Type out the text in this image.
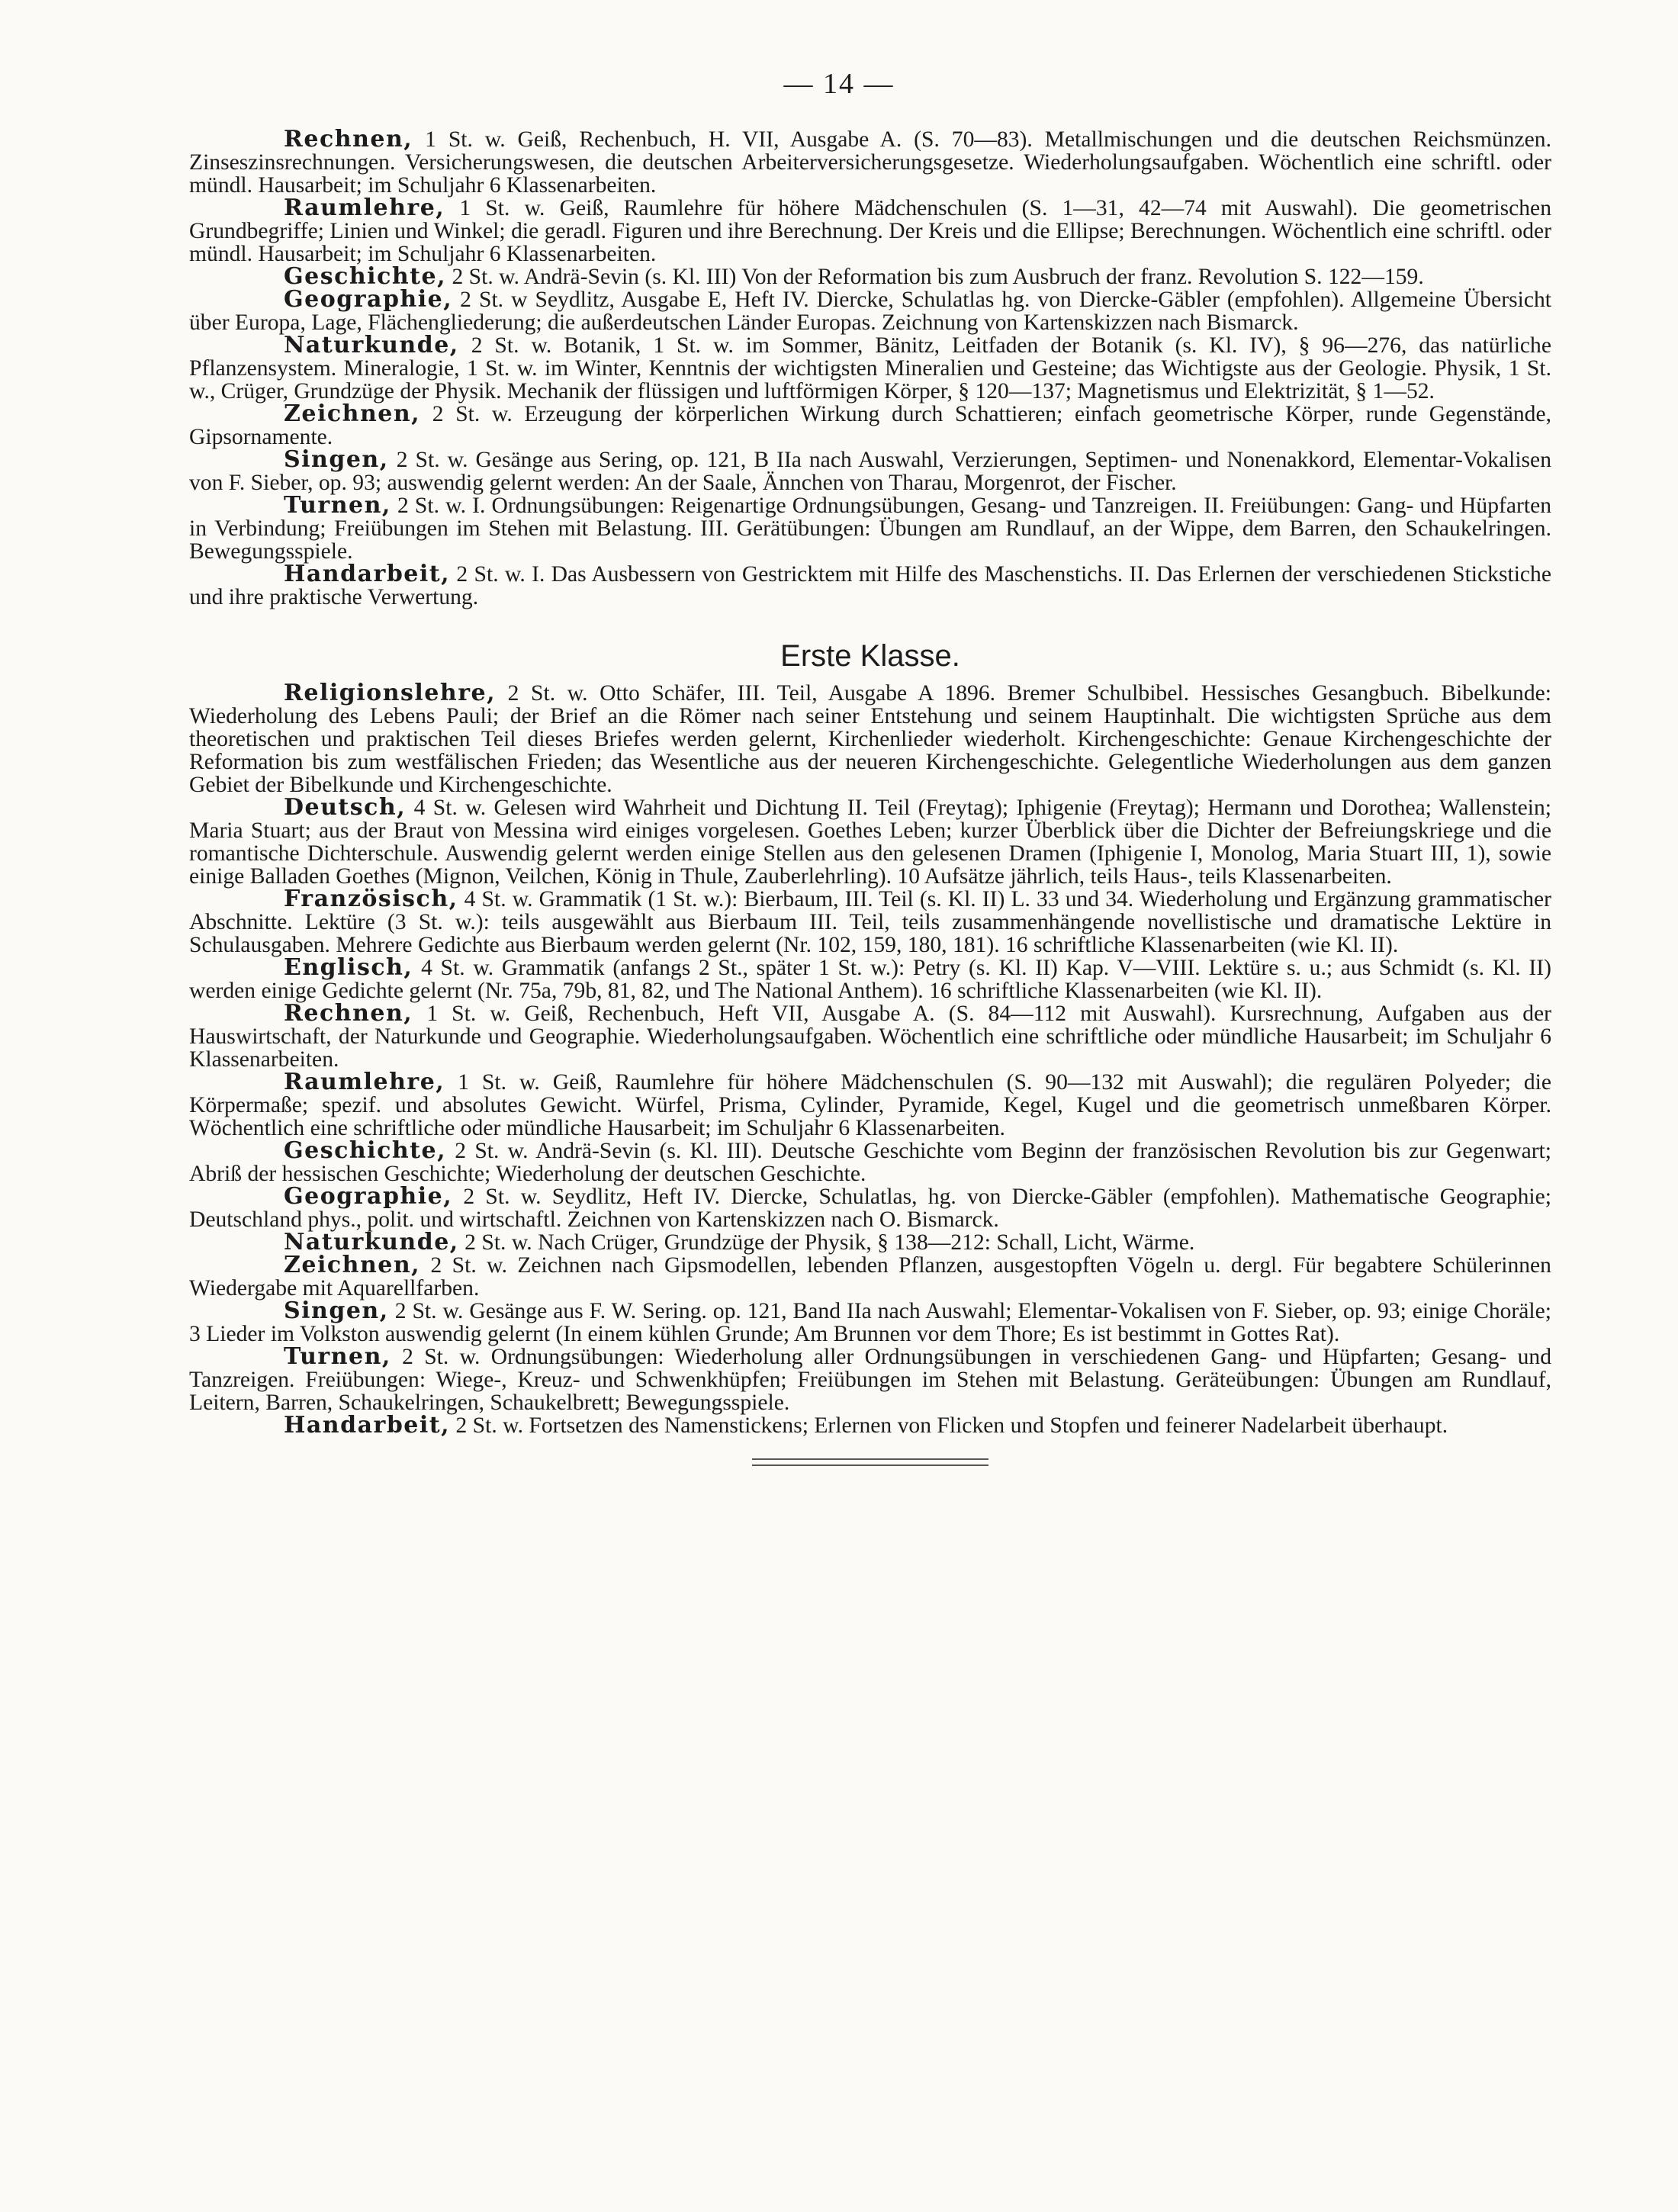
— 14 —

Rechnen, 1 St. w. Geiß, Rechenbuch, H. VII, Ausgabe A. (S. 70—83). Metallmischungen und die deutschen Reichsmünzen. Zinseszinsrechnungen. Versicherungswesen, die deutschen Arbeiterversicherungsgesetze. Wiederholungsaufgaben. Wöchentlich eine schriftl. oder mündl. Hausarbeit; im Schuljahr 6 Klassenarbeiten.

Raumlehre, 1 St. w. Geiß, Raumlehre für höhere Mädchenschulen (S. 1—31, 42—74 mit Auswahl). Die geometrischen Grundbegriffe; Linien und Winkel; die geradl. Figuren und ihre Berechnung. Der Kreis und die Ellipse; Berechnungen. Wöchentlich eine schriftl. oder mündl. Hausarbeit; im Schuljahr 6 Klassenarbeiten.

Geschichte, 2 St. w. Andrä-Sevin (s. Kl. III) Von der Reformation bis zum Ausbruch der franz. Revolution S. 122—159.

Geographie, 2 St. w Seydlitz, Ausgabe E, Heft IV. Diercke, Schulatlas hg. von Diercke-Gäbler (empfohlen). Allgemeine Übersicht über Europa, Lage, Flächengliederung; die außerdeutschen Länder Europas. Zeichnung von Kartenskizzen nach Bismarck.

Naturkunde, 2 St. w. Botanik, 1 St. w. im Sommer, Bänitz, Leitfaden der Botanik (s. Kl. IV), § 96—276, das natürliche Pflanzensystem. Mineralogie, 1 St. w. im Winter, Kenntnis der wichtigsten Mineralien und Gesteine; das Wichtigste aus der Geologie. Physik, 1 St. w., Crüger, Grundzüge der Physik. Mechanik der flüssigen und luftförmigen Körper, § 120—137; Magnetismus und Elektrizität, § 1—52.

Zeichnen, 2 St. w. Erzeugung der körperlichen Wirkung durch Schattieren; einfach geometrische Körper, runde Gegenstände, Gipsornamente.

Singen, 2 St. w. Gesänge aus Sering, op. 121, B IIa nach Auswahl, Verzierungen, Septimen- und Nonenakkord, Elementar-Vokalisen von F. Sieber, op. 93; auswendig gelernt werden: An der Saale, Ännchen von Tharau, Morgenrot, der Fischer.

Turnen, 2 St. w. I. Ordnungsübungen: Reigenartige Ordnungsübungen, Gesang- und Tanzreigen. II. Freiübungen: Gang- und Hüpfarten in Verbindung; Freiübungen im Stehen mit Belastung. III. Gerätübungen: Übungen am Rundlauf, an der Wippe, dem Barren, den Schaukelringen. Bewegungsspiele.

Handarbeit, 2 St. w. I. Das Ausbessern von Gestricktem mit Hilfe des Maschenstichs. II. Das Erlernen der verschiedenen Stickstiche und ihre praktische Verwertung.

Erste Klasse.

Religionslehre, 2 St. w. Otto Schäfer, III. Teil, Ausgabe A 1896. Bremer Schulbibel. Hessisches Gesangbuch. Bibelkunde: Wiederholung des Lebens Pauli; der Brief an die Römer nach seiner Entstehung und seinem Hauptinhalt. Die wichtigsten Sprüche aus dem theoretischen und praktischen Teil dieses Briefes werden gelernt, Kirchenlieder wiederholt. Kirchengeschichte: Genaue Kirchengeschichte der Reformation bis zum westfälischen Frieden; das Wesentliche aus der neueren Kirchengeschichte. Gelegentliche Wiederholungen aus dem ganzen Gebiet der Bibelkunde und Kirchengeschichte.

Deutsch, 4 St. w. Gelesen wird Wahrheit und Dichtung II. Teil (Freytag); Iphigenie (Freytag); Hermann und Dorothea; Wallenstein; Maria Stuart; aus der Braut von Messina wird einiges vorgelesen. Goethes Leben; kurzer Überblick über die Dichter der Befreiungskriege und die romantische Dichterschule. Auswendig gelernt werden einige Stellen aus den gelesenen Dramen (Iphigenie I, Monolog, Maria Stuart III, 1), sowie einige Balladen Goethes (Mignon, Veilchen, König in Thule, Zauberlehrling). 10 Aufsätze jährlich, teils Haus-, teils Klassenarbeiten.

Französisch, 4 St. w. Grammatik (1 St. w.): Bierbaum, III. Teil (s. Kl. II) L. 33 und 34. Wiederholung und Ergänzung grammatischer Abschnitte. Lektüre (3 St. w.): teils ausgewählt aus Bierbaum III. Teil, teils zusammenhängende novellistische und dramatische Lektüre in Schulausgaben. Mehrere Gedichte aus Bierbaum werden gelernt (Nr. 102, 159, 180, 181). 16 schriftliche Klassenarbeiten (wie Kl. II).

Englisch, 4 St. w. Grammatik (anfangs 2 St., später 1 St. w.): Petry (s. Kl. II) Kap. V—VIII. Lektüre s. u.; aus Schmidt (s. Kl. II) werden einige Gedichte gelernt (Nr. 75a, 79b, 81, 82, und The National Anthem). 16 schriftliche Klassenarbeiten (wie Kl. II).

Rechnen, 1 St. w. Geiß, Rechenbuch, Heft VII, Ausgabe A. (S. 84—112 mit Auswahl). Kursrechnung, Aufgaben aus der Hauswirtschaft, der Naturkunde und Geographie. Wiederholungsaufgaben. Wöchentlich eine schriftliche oder mündliche Hausarbeit; im Schuljahr 6 Klassenarbeiten.

Raumlehre, 1 St. w. Geiß, Raumlehre für höhere Mädchenschulen (S. 90—132 mit Auswahl); die regulären Polyeder; die Körpermaße; spezif. und absolutes Gewicht. Würfel, Prisma, Cylinder, Pyramide, Kegel, Kugel und die geometrisch unmeßbaren Körper. Wöchentlich eine schriftliche oder mündliche Hausarbeit; im Schuljahr 6 Klassenarbeiten.

Geschichte, 2 St. w. Andrä-Sevin (s. Kl. III). Deutsche Geschichte vom Beginn der französischen Revolution bis zur Gegenwart; Abriß der hessischen Geschichte; Wiederholung der deutschen Geschichte.

Geographie, 2 St. w. Seydlitz, Heft IV. Diercke, Schulatlas, hg. von Diercke-Gäbler (empfohlen). Mathematische Geographie; Deutschland phys., polit. und wirtschaftl. Zeichnen von Kartenskizzen nach O. Bismarck.

Naturkunde, 2 St. w. Nach Crüger, Grundzüge der Physik, § 138—212: Schall, Licht, Wärme.

Zeichnen, 2 St. w. Zeichnen nach Gipsmodellen, lebenden Pflanzen, ausgestopften Vögeln u. dergl. Für begabtere Schülerinnen Wiedergabe mit Aquarellfarben.

Singen, 2 St. w. Gesänge aus F. W. Sering. op. 121, Band IIa nach Auswahl; Elementar-Vokalisen von F. Sieber, op. 93; einige Choräle; 3 Lieder im Volkston auswendig gelernt (In einem kühlen Grunde; Am Brunnen vor dem Thore; Es ist bestimmt in Gottes Rat).

Turnen, 2 St. w. Ordnungsübungen: Wiederholung aller Ordnungsübungen in verschiedenen Gang- und Hüpfarten; Gesang- und Tanzreigen. Freiübungen: Wiege-, Kreuz- und Schwenkhüpfen; Freiübungen im Stehen mit Belastung. Geräteübungen: Übungen am Rundlauf, Leitern, Barren, Schaukelringen, Schaukelbrett; Bewegungsspiele.

Handarbeit, 2 St. w. Fortsetzen des Namenstickens; Erlernen von Flicken und Stopfen und feinerer Nadelarbeit überhaupt.
